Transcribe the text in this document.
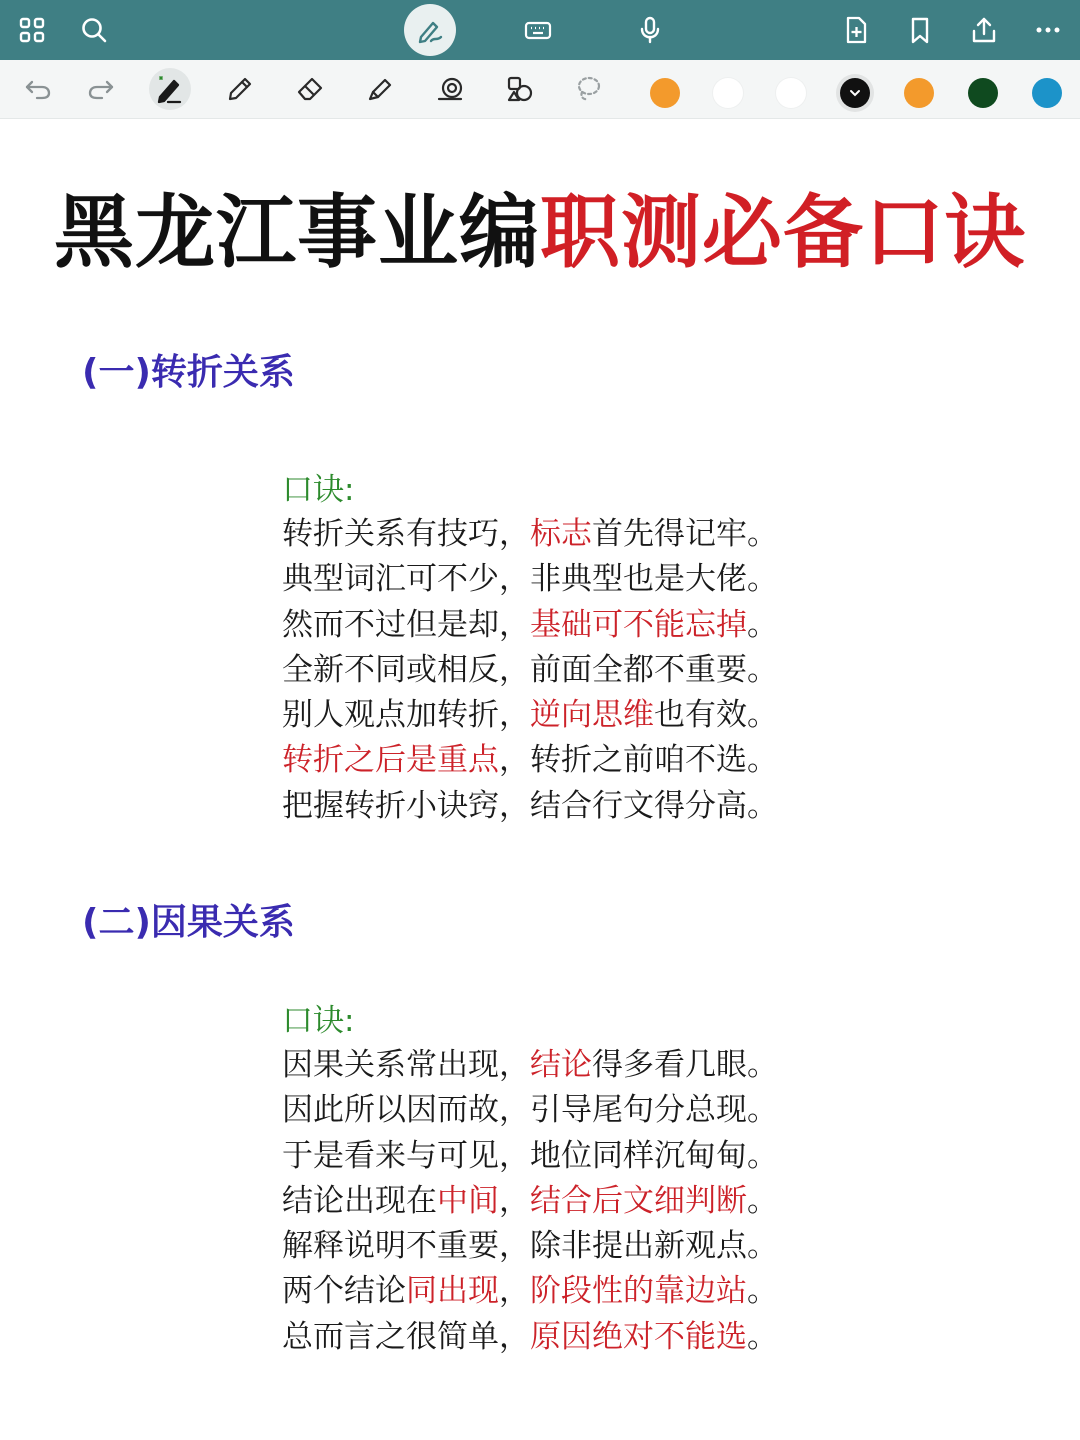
黑龙江事业编职测必备口诀
(一)转折关系
口诀:
转折关系有技巧，标志首先得记牢。
典型词汇可不少，非典型也是大佬。
然而不过但是却，基础可不能忘掉。
全新不同或相反，前面全都不重要。
别人观点加转折，逆向思维也有效。
转折之后是重点，转折之前咱不选。
把握转折小诀窍，结合行文得分高。
(二)因果关系
口诀:
因果关系常出现，结论得多看几眼。
因此所以因而故，引导尾句分总现。
于是看来与可见，地位同样沉甸甸。
结论出现在中间，结合后文细判断。
解释说明不重要，除非提出新观点。
两个结论同出现，阶段性的靠边站。
总而言之很简单，原因绝对不能选。
